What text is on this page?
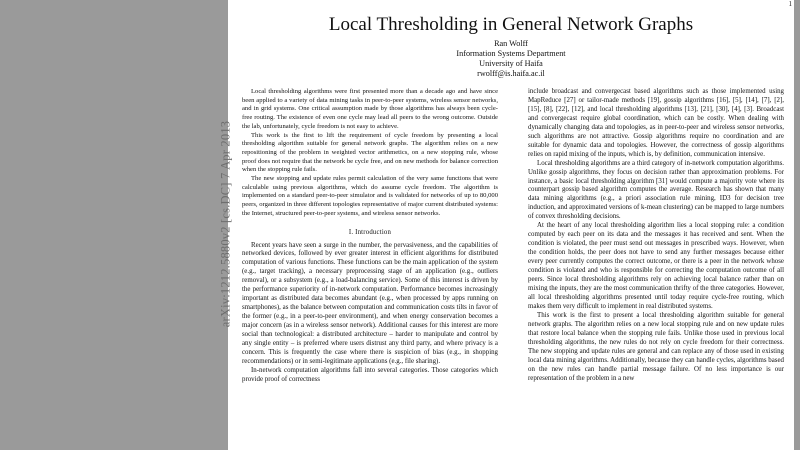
1
Local Thresholding in General Network Graphs
Ran Wolff
Information Systems Department
University of Haifa
rwolff@is.haifa.ac.il

Local thresholding algorithms were first presented more than a decade ago and have since been applied to a variety of data mining tasks in peer-to-peer systems, wireless sensor networks, and in grid systems. One critical assumption made by those algorithms has always been cycle-free routing. The existence of even one cycle may lead all peers to the wrong outcome. Outside the lab, unfortunately, cycle freedom is not easy to achieve.

This work is the first to lift the requirement of cycle freedom by presenting a local thresholding algorithm suitable for general network graphs. The algorithm relies on a new repositioning of the problem in weighted vector arithmetics, on a new stopping rule, whose proof does not require that the network be cycle free, and on new methods for balance correction when the stopping rule fails.

The new stopping and update rules permit calculation of the very same functions that were calculable using previous algorithms, which do assume cycle freedom. The algorithm is implemented on a standard peer-to-peer simulator and is validated for networks of up to 80,000 peers, organized in three different topologies representative of major current distributed systems: the Internet, structured peer-to-peer systems, and wireless sensor networks.

I. Introduction

Recent years have seen a surge in the number, the pervasiveness, and the capabilities of networked devices, followed by ever greater interest in efficient algorithms for distributed computation of various functions. These functions can be the main application of the system (e.g., target tracking), a necessary preprocessing stage of an application (e.g., outliers removal), or a subsystem (e.g., a load-balancing service). Some of this interest is driven by the performance superiority of in-network computation. Performance becomes increasingly important as distributed data becomes abundant (e.g., when processed by apps running on smartphones), as the balance between computation and communication costs tilts in favor of the former (e.g., in a peer-to-peer environment), and when energy conservation becomes a major concern (as in a wireless sensor network). Additional causes for this interest are more social than technological: a distributed architecture – harder to manipulate and control by any single entity – is preferred where users distrust any third party, and where privacy is a concern. This is frequently the case where there is suspicion of bias (e.g., in shopping recommendations) or in semi-legitimate applications (e.g., file sharing).

In-network computation algorithms fall into several categories. Those categories which provide proof of correctness

include broadcast and convergecast based algorithms such as those implemented using MapReduce [27] or tailor-made methods [19], gossip algorithms [16], [5], [14], [7], [2], [15], [8], [22], [12], and local thresholding algorithms [13], [21], [30], [4], [3]. Broadcast and convergecast require global coordination, which can be costly. When dealing with dynamically changing data and topologies, as in peer-to-peer and wireless sensor networks, such algorithms are not attractive. Gossip algorithms require no coordination and are suitable for dynamic data and topologies. However, the correctness of gossip algorithms relies on rapid mixing of the inputs, which is, by definition, communication intensive.

Local thresholding algorithms are a third category of in-network computation algorithms. Unlike gossip algorithms, they focus on decision rather than approximation problems. For instance, a basic local thresholding algorithm [31] would compute a majority vote where its counterpart gossip based algorithm computes the average. Research has shown that many data mining algorithms (e.g., a priori association rule mining, ID3 for decision tree induction, and approximated versions of k-mean clustering) can be mapped to large numbers of convex thresholding decisions.

At the heart of any local thresholding algorithm lies a local stopping rule: a condition computed by each peer on its data and the messages it has received and sent. When the condition is violated, the peer must send out messages in prescribed ways. However, when the condition holds, the peer does not have to send any further messages because either every peer currently computes the correct outcome, or there is a peer in the network whose condition is violated and who is responsible for correcting the computation outcome of all peers. Since local thresholding algorithms rely on achieving local balance rather than on mixing the inputs, they are the most communication thrifty of the three categories. However, all local thresholding algorithms presented until today require cycle-free routing, which makes them very difficult to implement in real distributed systems.

This work is the first to present a local thresholding algorithm suitable for general network graphs. The algorithm relies on a new local stopping rule and on new update rules that restore local balance when the stopping rule fails. Unlike those used in previous local thresholding algorithms, the new rules do not rely on cycle freedom for their correctness. The new stopping and update rules are general and can replace any of those used in existing local data mining algorithms. Additionally, because they can handle cycles, algorithms based on the new rules can handle partial message failure. Of no less importance is our representation of the problem in a new

arXiv:1212.5880v2 [cs.DC] 7 Apr 2013
